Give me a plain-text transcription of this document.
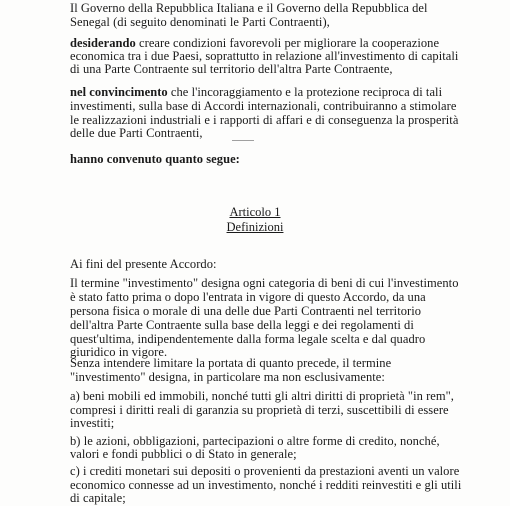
Il Governo della Repubblica Italiana e il Governo della Repubblica del
Senegal (di seguito denominati le Parti Contraenti),
desiderando creare condizioni favorevoli per migliorare la cooperazione
economica tra i due Paesi, soprattutto in relazione all'investimento di capitali
di una Parte Contraente sul territorio dell'altra Parte Contraente,
nel convincimento che l'incoraggiamento e la protezione reciproca di tali
investimenti, sulla base di Accordi internazionali, contribuiranno a stimolare
le realizzazioni industriali e i rapporti di affari e di conseguenza la prosperità
delle due Parti Contraenti,
hanno convenuto quanto segue:
Articolo 1
Definizioni
Ai fini del presente Accordo:
Il termine "investimento" designa ogni categoria di beni di cui l'investimento
è stato fatto prima o dopo l'entrata in vigore di questo Accordo, da una
persona fisica o morale di una delle due Parti Contraenti nel territorio
dell'altra Parte Contraente sulla base della leggi e dei regolamenti di
quest'ultima, indipendentemente dalla forma legale scelta e dal quadro
giuridico in vigore.
Senza intendere limitare la portata di quanto precede, il termine
"investimento" designa, in particolare ma non esclusivamente:
a) beni mobili ed immobili, nonché tutti gli altri diritti di proprietà "in rem",
compresi i diritti reali di garanzia su proprietà di terzi, suscettibili di essere
investiti;
b) le azioni, obbligazioni, partecipazioni o altre forme di credito, nonché,
valori e fondi pubblici o di Stato in generale;
c) i crediti monetari sui depositi o provenienti da prestazioni aventi un valore
economico connesse ad un investimento, nonché i redditi reinvestiti e gli utili
di capitale;
